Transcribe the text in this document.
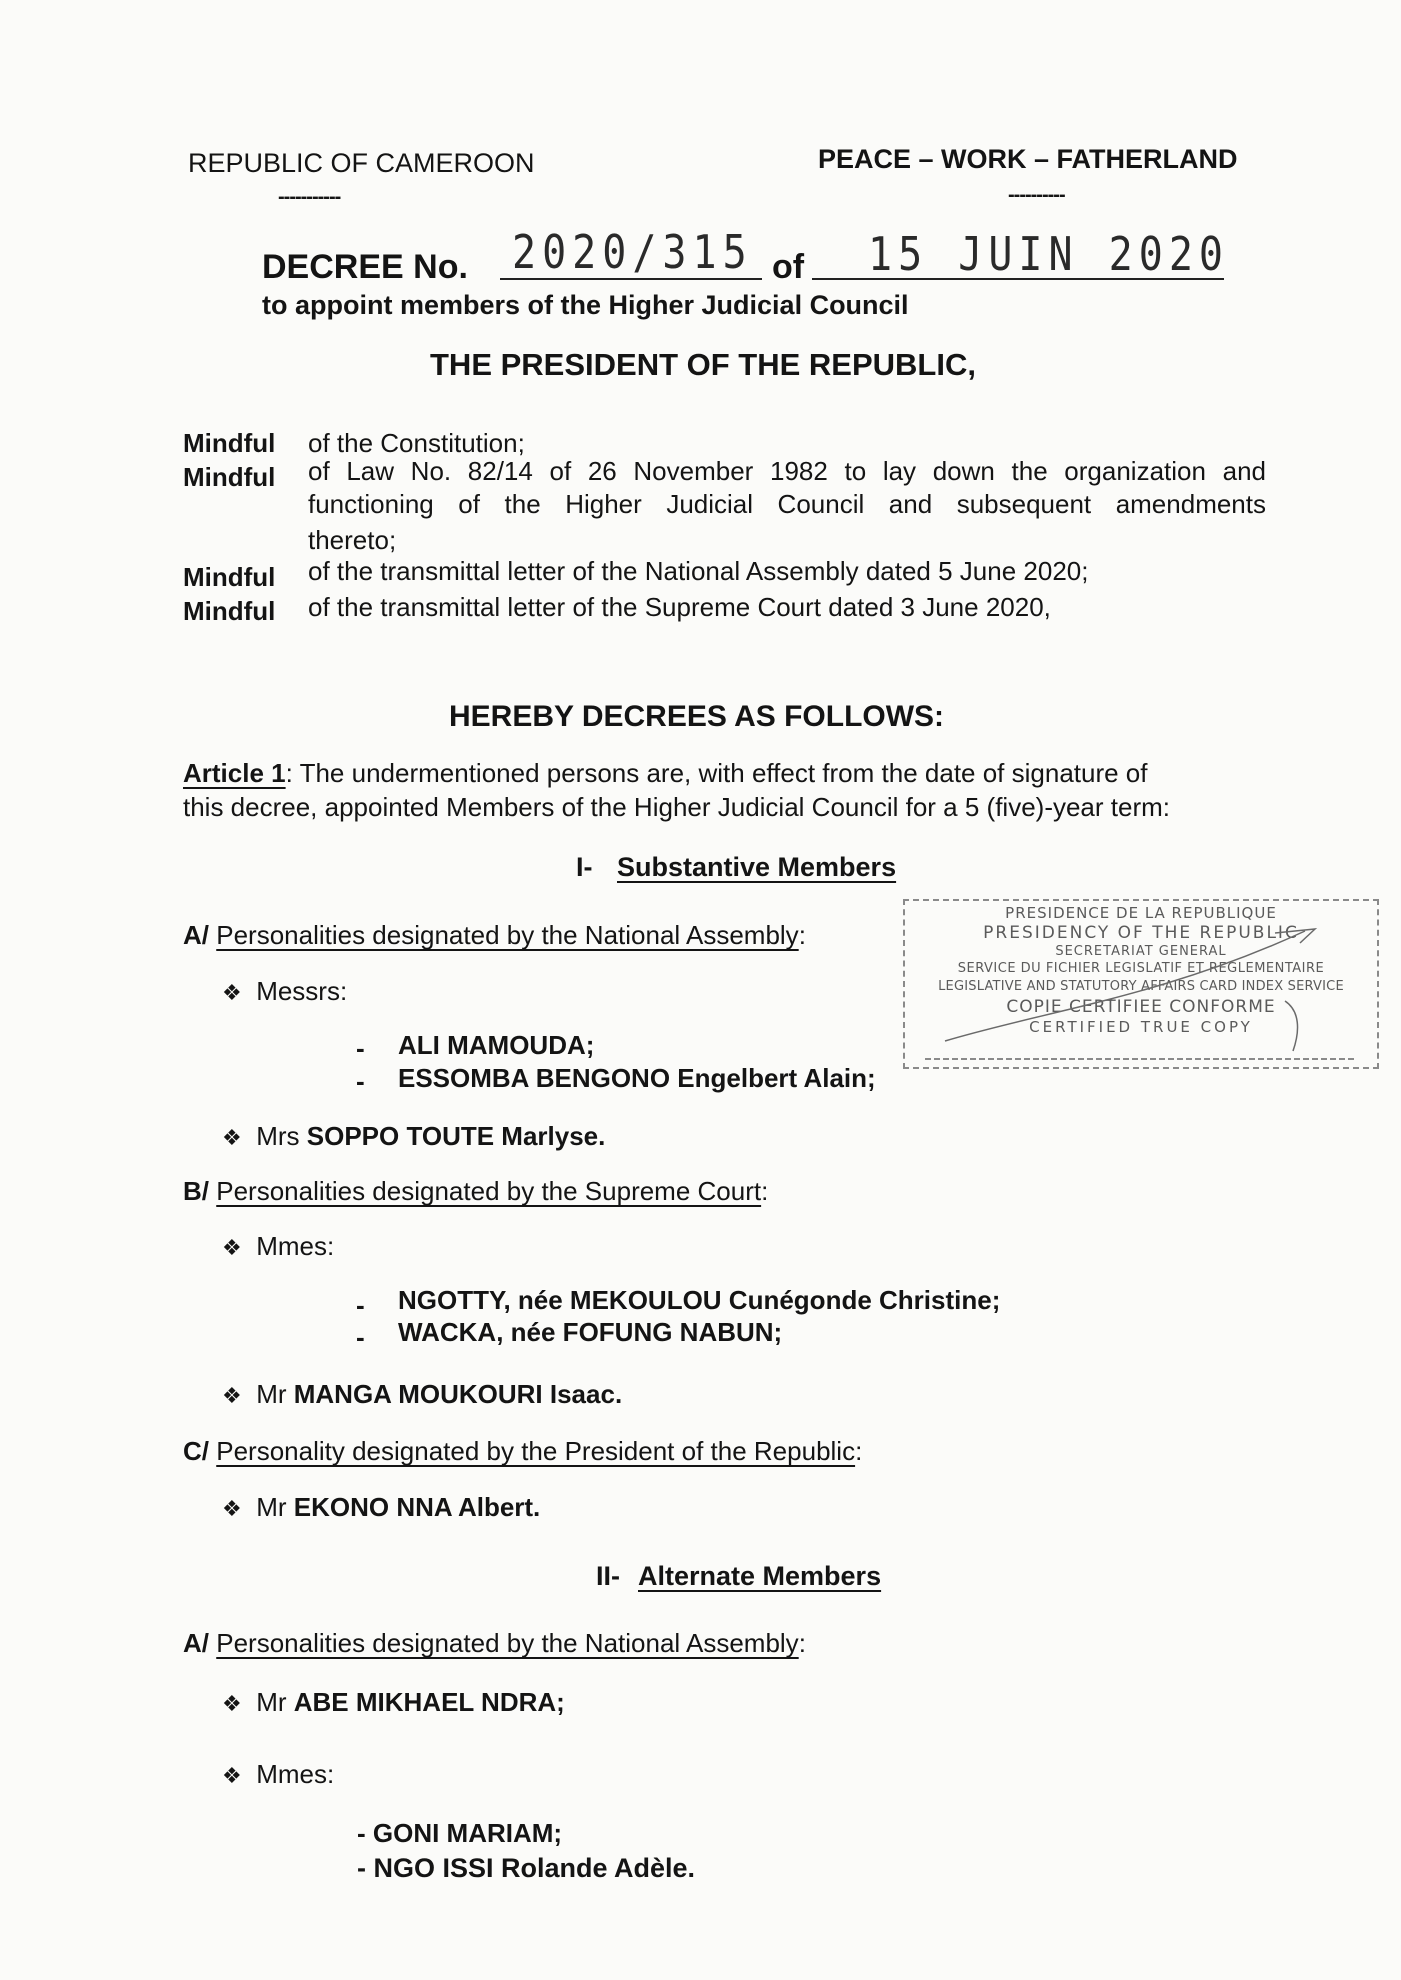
REPUBLIC OF CAMEROON
-----------
PEACE – WORK – FATHERLAND
----------
DECREE No. 2020/315 of 15 JUIN 2020
to appoint members of the Higher Judicial Council
THE PRESIDENT OF THE REPUBLIC,
Mindful of the Constitution;
Mindful of Law No. 82/14 of 26 November 1982 to lay down the organization and
functioning of the Higher Judicial Council and subsequent amendments
thereto;
Mindful of the transmittal letter of the National Assembly dated 5 June 2020;
Mindful of the transmittal letter of the Supreme Court dated 3 June 2020,
HEREBY DECREES AS FOLLOWS:
Article 1: The undermentioned persons are, with effect from the date of signature of
this decree, appointed Members of the Higher Judicial Council for a 5 (five)-year term:
I- Substantive Members
A/ Personalities designated by the National Assembly:
❖ Messrs:
- ALI MAMOUDA;
- ESSOMBA BENGONO Engelbert Alain;
❖ Mrs SOPPO TOUTE Marlyse.
B/ Personalities designated by the Supreme Court:
❖ Mmes:
- NGOTTY, née MEKOULOU Cunégonde Christine;
- WACKA, née FOFUNG NABUN;
❖ Mr MANGA MOUKOURI Isaac.
C/ Personality designated by the President of the Republic:
❖ Mr EKONO NNA Albert.
II- Alternate Members
A/ Personalities designated by the National Assembly:
❖ Mr ABE MIKHAEL NDRA;
❖ Mmes:
- GONI MARIAM;
- NGO ISSI Rolande Adèle.
PRESIDENCE DE LA REPUBLIQUE
PRESIDENCY OF THE REPUBLIC
SECRETARIAT GENERAL
SERVICE DU FICHIER LEGISLATIF ET REGLEMENTAIRE
LEGISLATIVE AND STATUTORY AFFAIRS CARD INDEX SERVICE
COPIE CERTIFIEE CONFORME
CERTIFIED TRUE COPY
